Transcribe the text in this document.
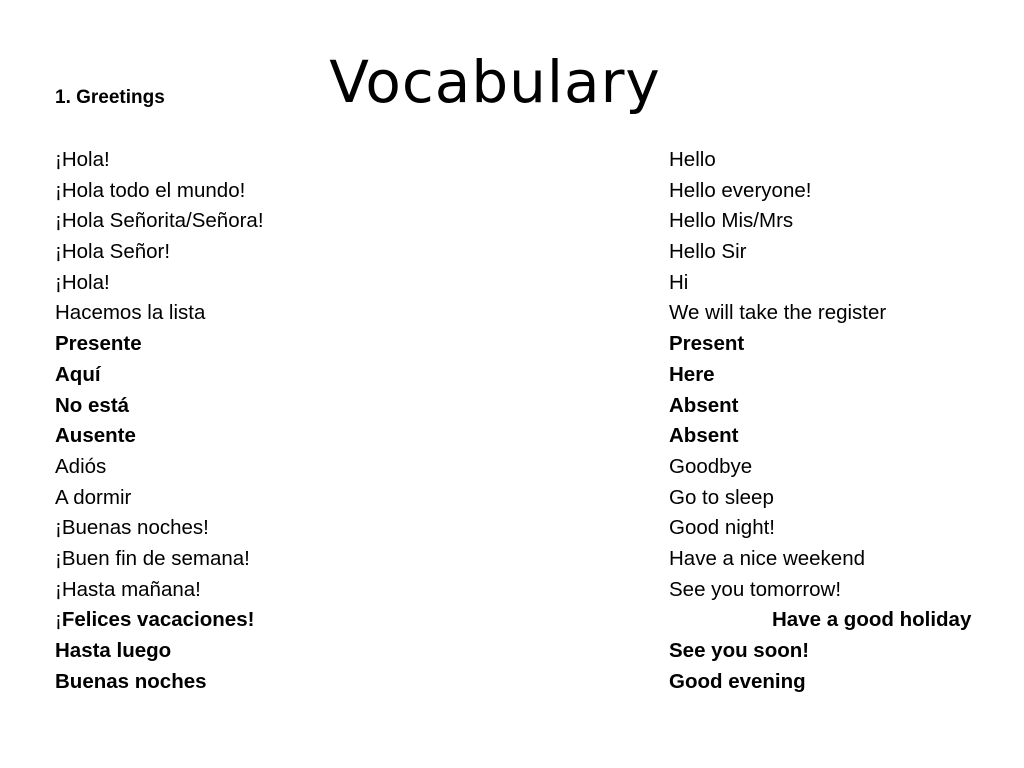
Vocabulary
1. Greetings
¡Hola!	Hello
¡Hola todo el mundo!	Hello everyone!
¡Hola Señorita/Señora!	Hello Mis/Mrs
¡Hola Señor!	Hello Sir
¡Hola!	Hi
Hacemos la lista	We will take the register
Presente	Present
Aquí	Here
No está	Absent
Ausente	Absent
Adiós	Goodbye
A dormir	Go to sleep
¡Buenas noches!	Good night!
¡Buen fin de semana!	Have a nice weekend
¡Hasta mañana!	See you tomorrow!
¡Felices vacaciones!	Have a good holiday
Hasta luego	See you soon!
Buenas noches	Good evening
